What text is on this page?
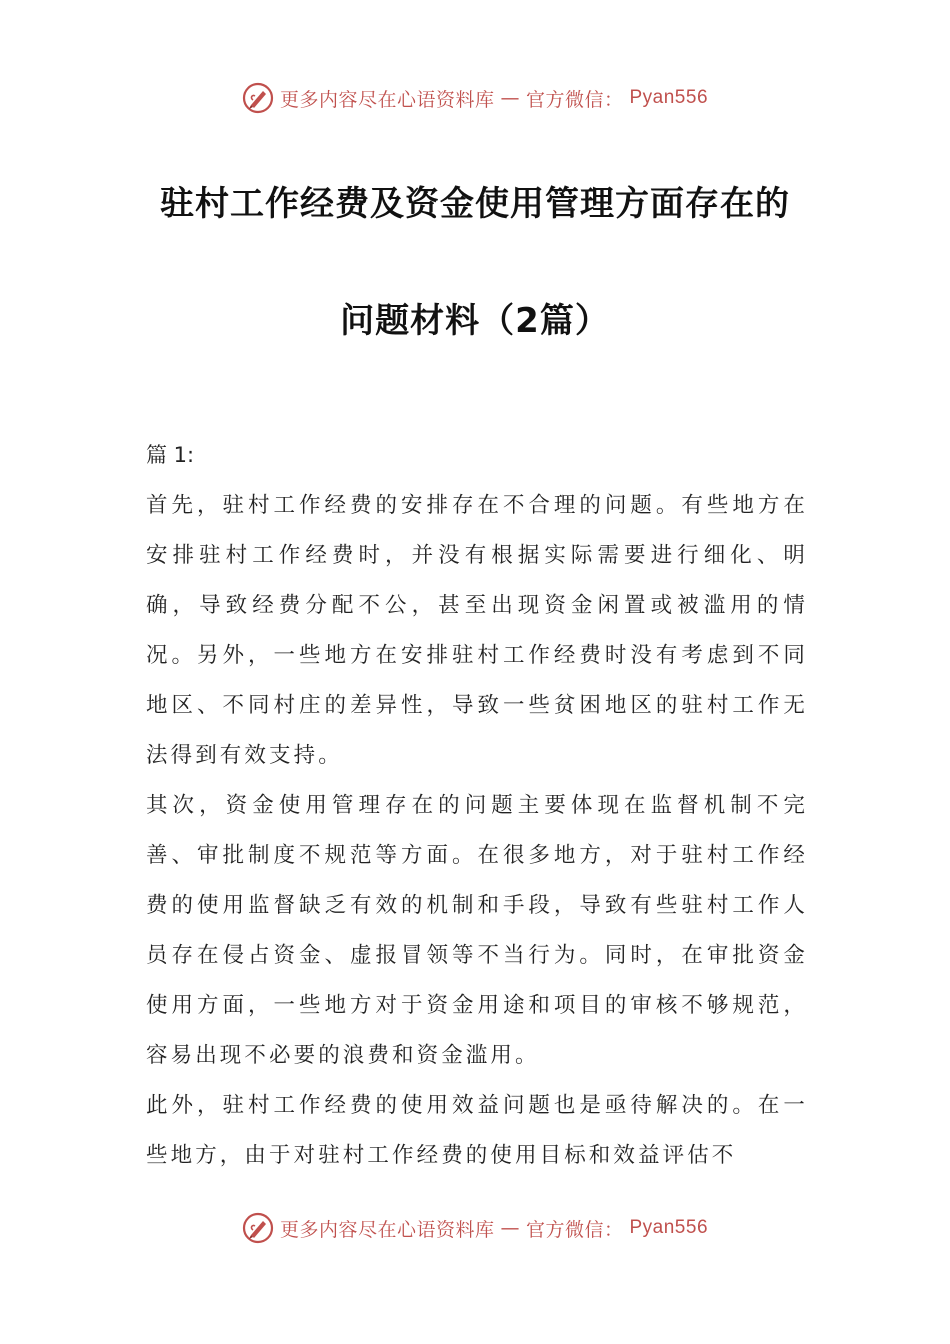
更多内容尽在心语资料库 — 官方微信： Pyan556
驻村工作经费及资金使用管理方面存在的
问题材料（2篇）

篇 1:

首先，驻村工作经费的安排存在不合理的问题。有些地方在安排驻村工作经费时，并没有根据实际需要进行细化、明确，导致经费分配不公，甚至出现资金闲置或被滥用的情况。另外，一些地方在安排驻村工作经费时没有考虑到不同地区、不同村庄的差异性，导致一些贫困地区的驻村工作无法得到有效支持。

其次，资金使用管理存在的问题主要体现在监督机制不完善、审批制度不规范等方面。在很多地方，对于驻村工作经费的使用监督缺乏有效的机制和手段，导致有些驻村工作人员存在侵占资金、虚报冒领等不当行为。同时，在审批资金使用方面，一些地方对于资金用途和项目的审核不够规范，容易出现不必要的浪费和资金滥用。

此外，驻村工作经费的使用效益问题也是亟待解决的。在一些地方，由于对驻村工作经费的使用目标和效益评估不

更多内容尽在心语资料库 — 官方微信： Pyan556
